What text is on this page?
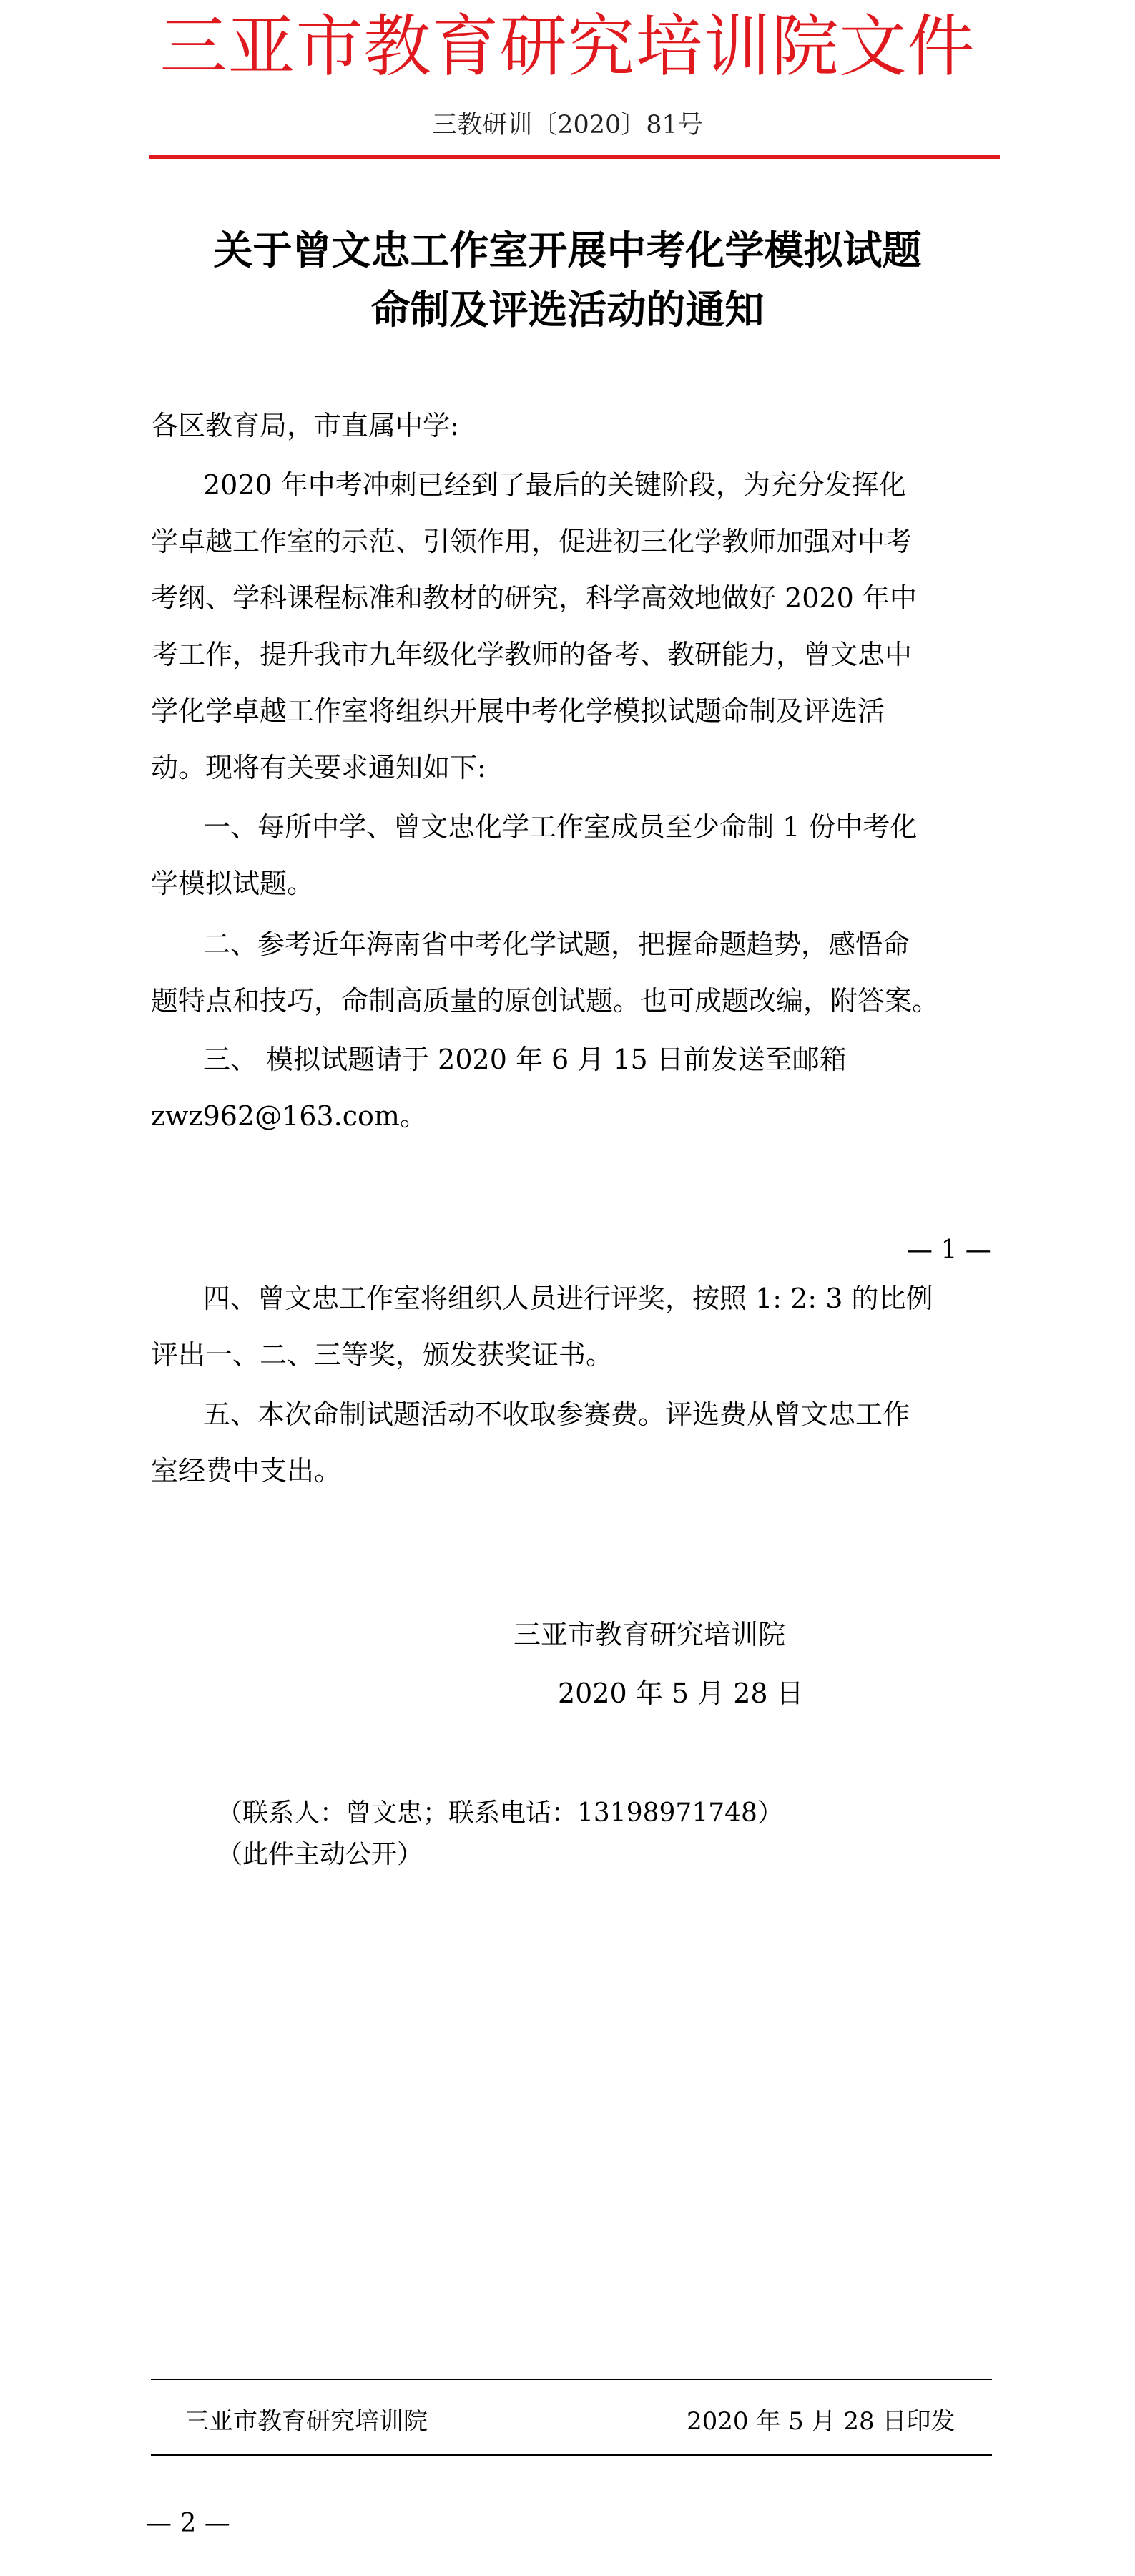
三亚市教育研究培训院文件
三教研训〔2020〕81号
关于曾文忠工作室开展中考化学模拟试题
命制及评选活动的通知
各区教育局，市直属中学:
2020 年中考冲刺已经到了最后的关键阶段，为充分发挥化
学卓越工作室的示范、引领作用，促进初三化学教师加强对中考
考纲、学科课程标准和教材的研究，科学高效地做好 2020 年中
考工作，提升我市九年级化学教师的备考、教研能力，曾文忠中
学化学卓越工作室将组织开展中考化学模拟试题命制及评选活
动。现将有关要求通知如下:
一、每所中学、曾文忠化学工作室成员至少命制 1 份中考化
学模拟试题。
二、参考近年海南省中考化学试题，把握命题趋势，感悟命
题特点和技巧，命制高质量的原创试题。也可成题改编，附答案。
三、 模拟试题请于 2020 年 6 月 15 日前发送至邮箱
zwz962@163.com。
— 1 —
四、曾文忠工作室将组织人员进行评奖，按照 1: 2: 3 的比例
评出一、二、三等奖，颁发获奖证书。
五、本次命制试题活动不收取参赛费。评选费从曾文忠工作
室经费中支出。
三亚市教育研究培训院
2020 年 5 月 28 日
（联系人：曾文忠；联系电话：13198971748）
（此件主动公开）
三亚市教育研究培训院	2020 年 5 月 28 日印发
— 2 —
